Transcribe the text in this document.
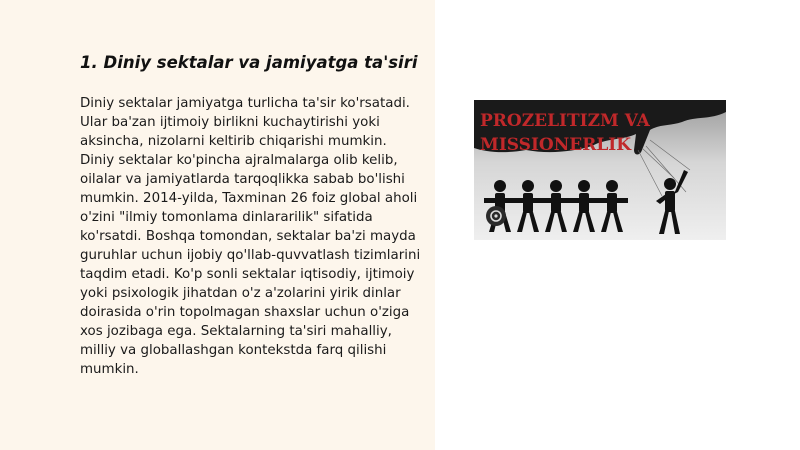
1. Diniy sektalar va jamiyatga ta'siri

Diniy sektalar jamiyatga turlicha ta'sir ko'rsatadi. Ular ba'zan ijtimoiy birlikni kuchaytirishi yoki aksincha, nizolarni keltirib chiqarishi mumkin. Diniy sektalar ko'pincha ajralmalarga olib kelib, oilalar va jamiyatlarda tarqoqlikka sabab bo'lishi mumkin. 2014-yilda, Taxminan 26 foiz global aholi o'zini "ilmiy tomonlama dinlararilik" sifatida ko'rsatdi. Boshqa tomondan, sektalar ba'zi mayda guruhlar uchun ijobiy qo'llab-quvvatlash tizimlarini taqdim etadi. Ko'p sonli sektalar iqtisodiy, ijtimoiy yoki psixologik jihatdan o'z a'zolarini yirik dinlar doirasida o'rin topolmagan shaxslar uchun o'ziga xos jozibaga ega. Sektalarning ta'siri mahalliy, milliy va globallashgan kontekstda farq qilishi mumkin.

PROZELITIZM VA
MISSIONERLIK
